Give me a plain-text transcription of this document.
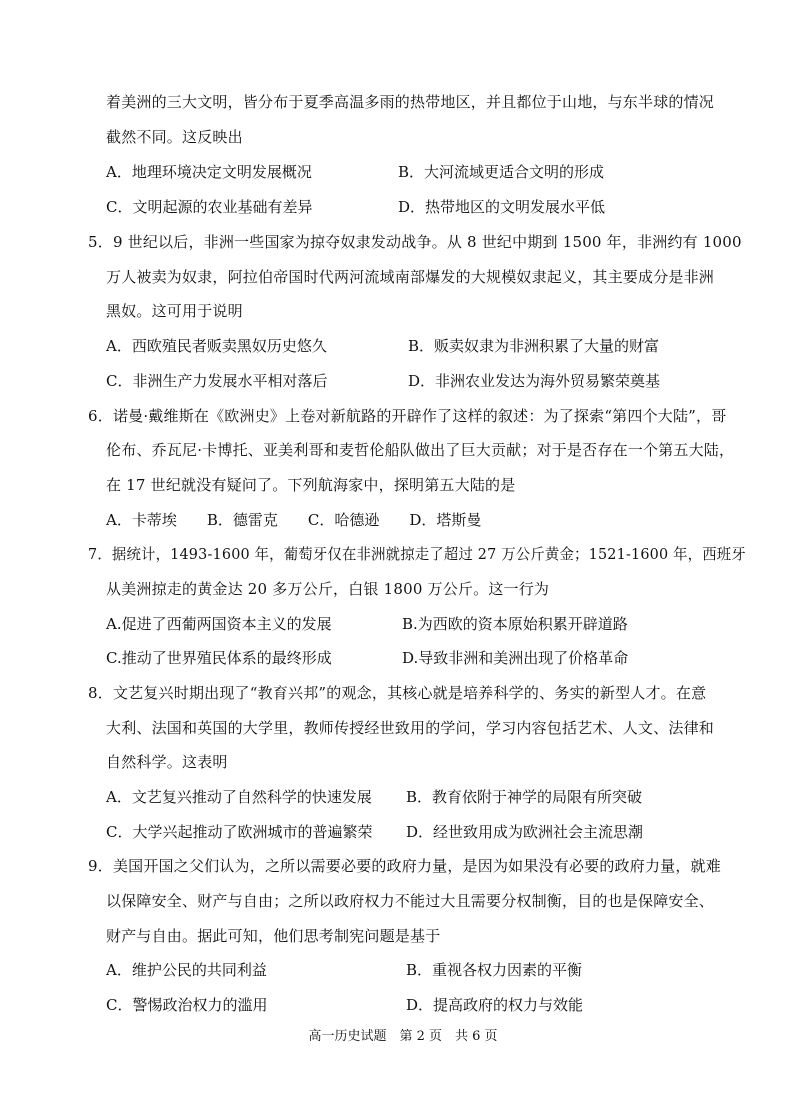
着美洲的三大文明，皆分布于夏季高温多雨的热带地区，并且都位于山地，与东半球的情况
截然不同。这反映出
A．地理环境决定文明发展概况	B．大河流域更适合文明的形成
C．文明起源的农业基础有差异	D．热带地区的文明发展水平低
5．9 世纪以后，非洲一些国家为掠夺奴隶发动战争。从 8 世纪中期到 1500 年，非洲约有 1000
万人被卖为奴隶，阿拉伯帝国时代两河流域南部爆发的大规模奴隶起义，其主要成分是非洲
黑奴。这可用于说明
A．西欧殖民者贩卖黑奴历史悠久	B．贩卖奴隶为非洲积累了大量的财富
C．非洲生产力发展水平相对落后	D．非洲农业发达为海外贸易繁荣奠基
6．诺曼·戴维斯在《欧洲史》上卷对新航路的开辟作了这样的叙述：为了探索“第四个大陆”，哥
伦布、乔瓦尼·卡博托、亚美利哥和麦哲伦船队做出了巨大贡献；对于是否存在一个第五大陆，
在 17 世纪就没有疑问了。下列航海家中，探明第五大陆的是
A．卡蒂埃　　B．德雷克　　C．哈德逊　　D．塔斯曼
7．据统计，1493-1600 年，葡萄牙仅在非洲就掠走了超过 27 万公斤黄金；1521-1600 年，西班牙
从美洲掠走的黄金达 20 多万公斤，白银 1800 万公斤。这一行为
A.促进了西葡两国资本主义的发展	B.为西欧的资本原始积累开辟道路
C.推动了世界殖民体系的最终形成	D.导致非洲和美洲出现了价格革命
8．文艺复兴时期出现了“教育兴邦”的观念，其核心就是培养科学的、务实的新型人才。在意
大利、法国和英国的大学里，教师传授经世致用的学问，学习内容包括艺术、人文、法律和
自然科学。这表明
A．文艺复兴推动了自然科学的快速发展 B．教育依附于神学的局限有所突破
C．大学兴起推动了欧洲城市的普遍繁荣 D．经世致用成为欧洲社会主流思潮
9．美国开国之父们认为，之所以需要必要的政府力量，是因为如果没有必要的政府力量，就难
以保障安全、财产与自由；之所以政府权力不能过大且需要分权制衡，目的也是保障安全、
财产与自由。据此可知，他们思考制宪问题是基于
A．维护公民的共同利益	B．重视各权力因素的平衡
C．警惕政治权力的滥用	D．提高政府的权力与效能
高一历史试题　第 2 页　共 6 页
